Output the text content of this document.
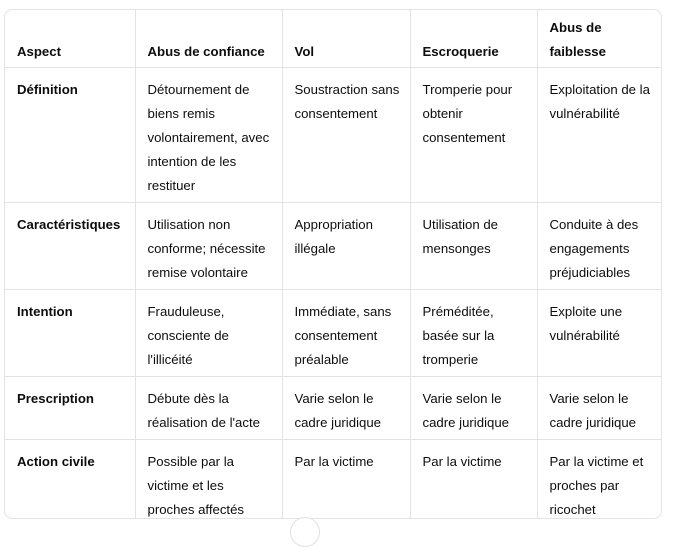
Aspect	Abus de confiance	Vol	Escroquerie	Abus de faiblesse
Définition	Détournement de biens remis volontairement, avec intention de les restituer	Soustraction sans consentement	Tromperie pour obtenir consentement	Exploitation de la vulnérabilité
Caractéristiques	Utilisation non conforme; nécessite remise volontaire	Appropriation illégale	Utilisation de mensonges	Conduite à des engagements préjudiciables
Intention	Frauduleuse, consciente de l'illicéité	Immédiate, sans consentement préalable	Préméditée, basée sur la tromperie	Exploite une vulnérabilité
Prescription	Débute dès la réalisation de l'acte	Varie selon le cadre juridique	Varie selon le cadre juridique	Varie selon le cadre juridique
Action civile	Possible par la victime et les proches affectés	Par la victime	Par la victime	Par la victime et proches par ricochet
